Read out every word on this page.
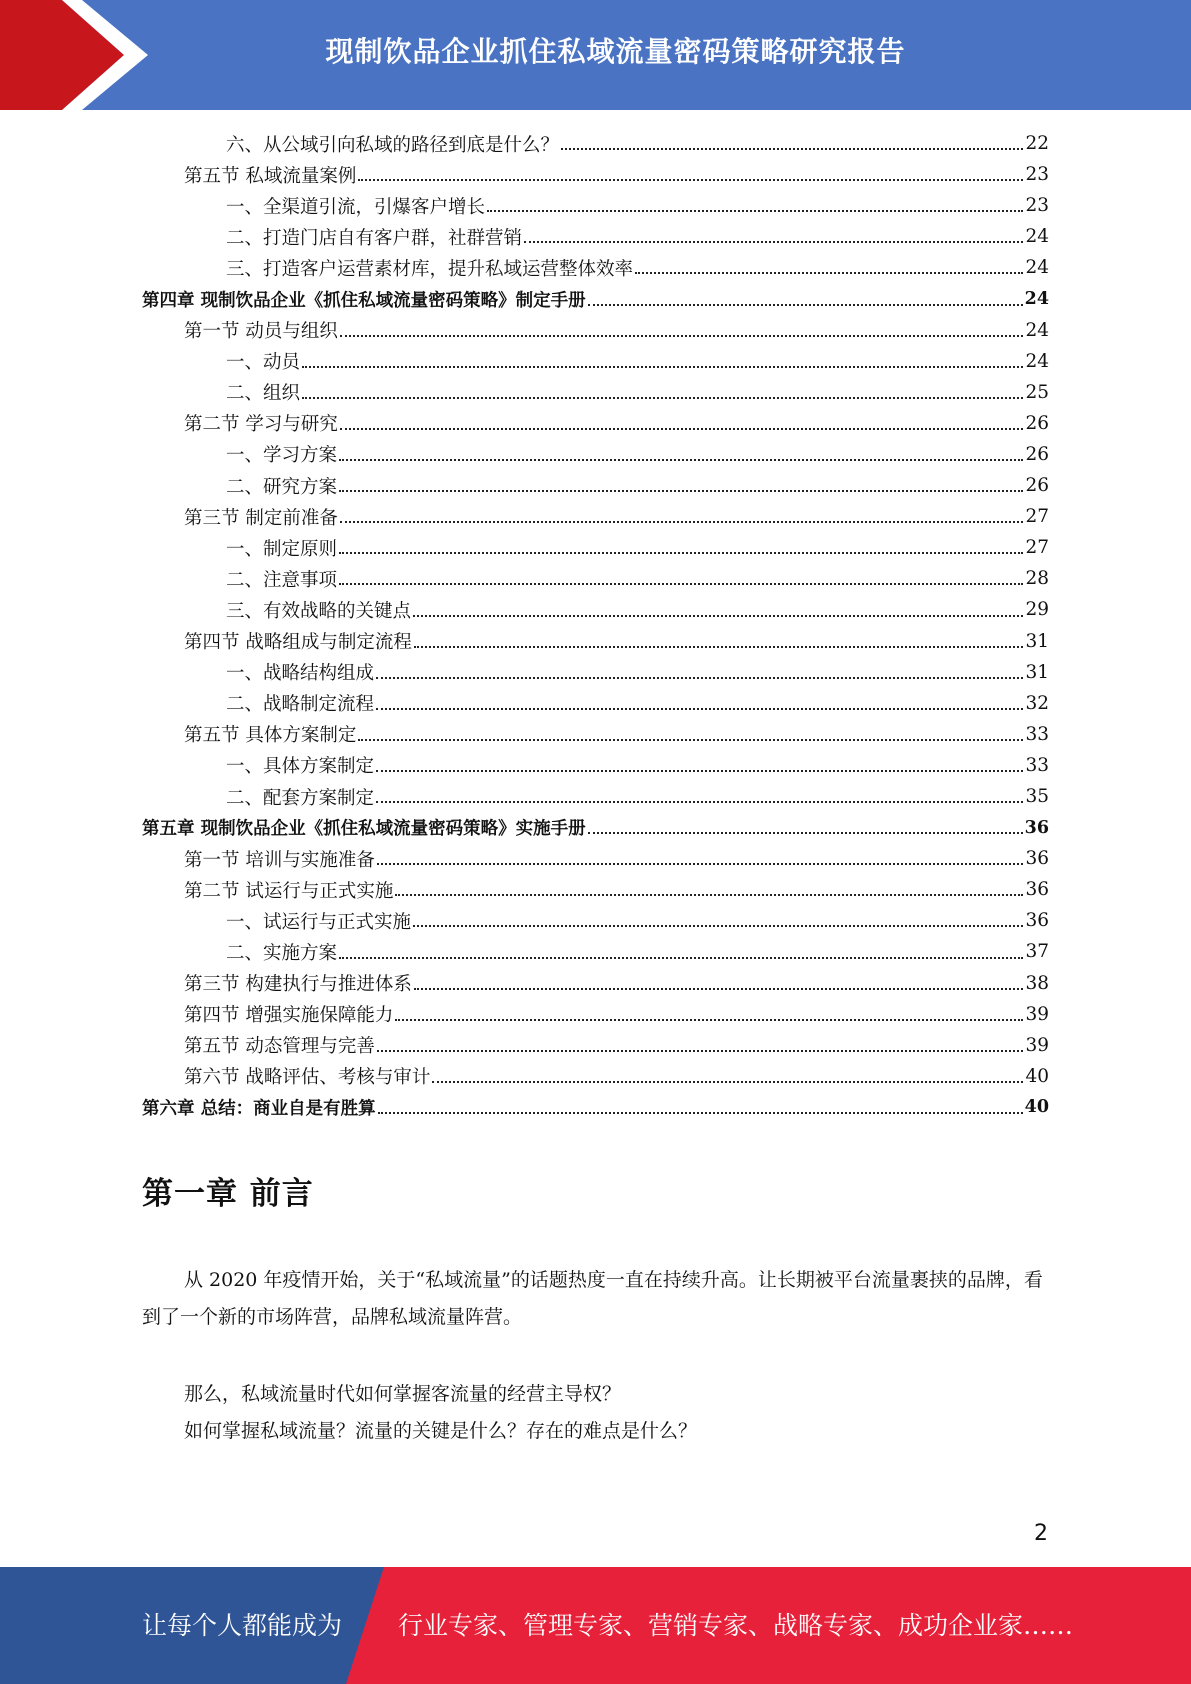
现制饮品企业抓住私域流量密码策略研究报告
六、从公域引向私域的路径到底是什么？	22
第五节 私域流量案例	23
一、全渠道引流，引爆客户增长	23
二、打造门店自有客户群，社群营销	24
三、打造客户运营素材库，提升私域运营整体效率	24
第四章 现制饮品企业《抓住私域流量密码策略》制定手册	24
第一节 动员与组织	24
一、动员	24
二、组织	25
第二节 学习与研究	26
一、学习方案	26
二、研究方案	26
第三节 制定前准备	27
一、制定原则	27
二、注意事项	28
三、有效战略的关键点	29
第四节 战略组成与制定流程	31
一、战略结构组成	31
二、战略制定流程	32
第五节 具体方案制定	33
一、具体方案制定	33
二、配套方案制定	35
第五章 现制饮品企业《抓住私域流量密码策略》实施手册	36
第一节 培训与实施准备	36
第二节 试运行与正式实施	36
一、试运行与正式实施	36
二、实施方案	37
第三节 构建执行与推进体系	38
第四节 增强实施保障能力	39
第五节 动态管理与完善	39
第六节 战略评估、考核与审计	40
第六章 总结：商业自是有胜算	40
第一章 前言
从 2020 年疫情开始，关于“私域流量”的话题热度一直在持续升高。让长期被平台流量裹挟的品牌，看到了一个新的市场阵营，品牌私域流量阵营。
那么，私域流量时代如何掌握客流量的经营主导权？
如何掌握私域流量？流量的关键是什么？存在的难点是什么？
2
让每个人都能成为 行业专家、管理专家、营销专家、战略专家、成功企业家……
